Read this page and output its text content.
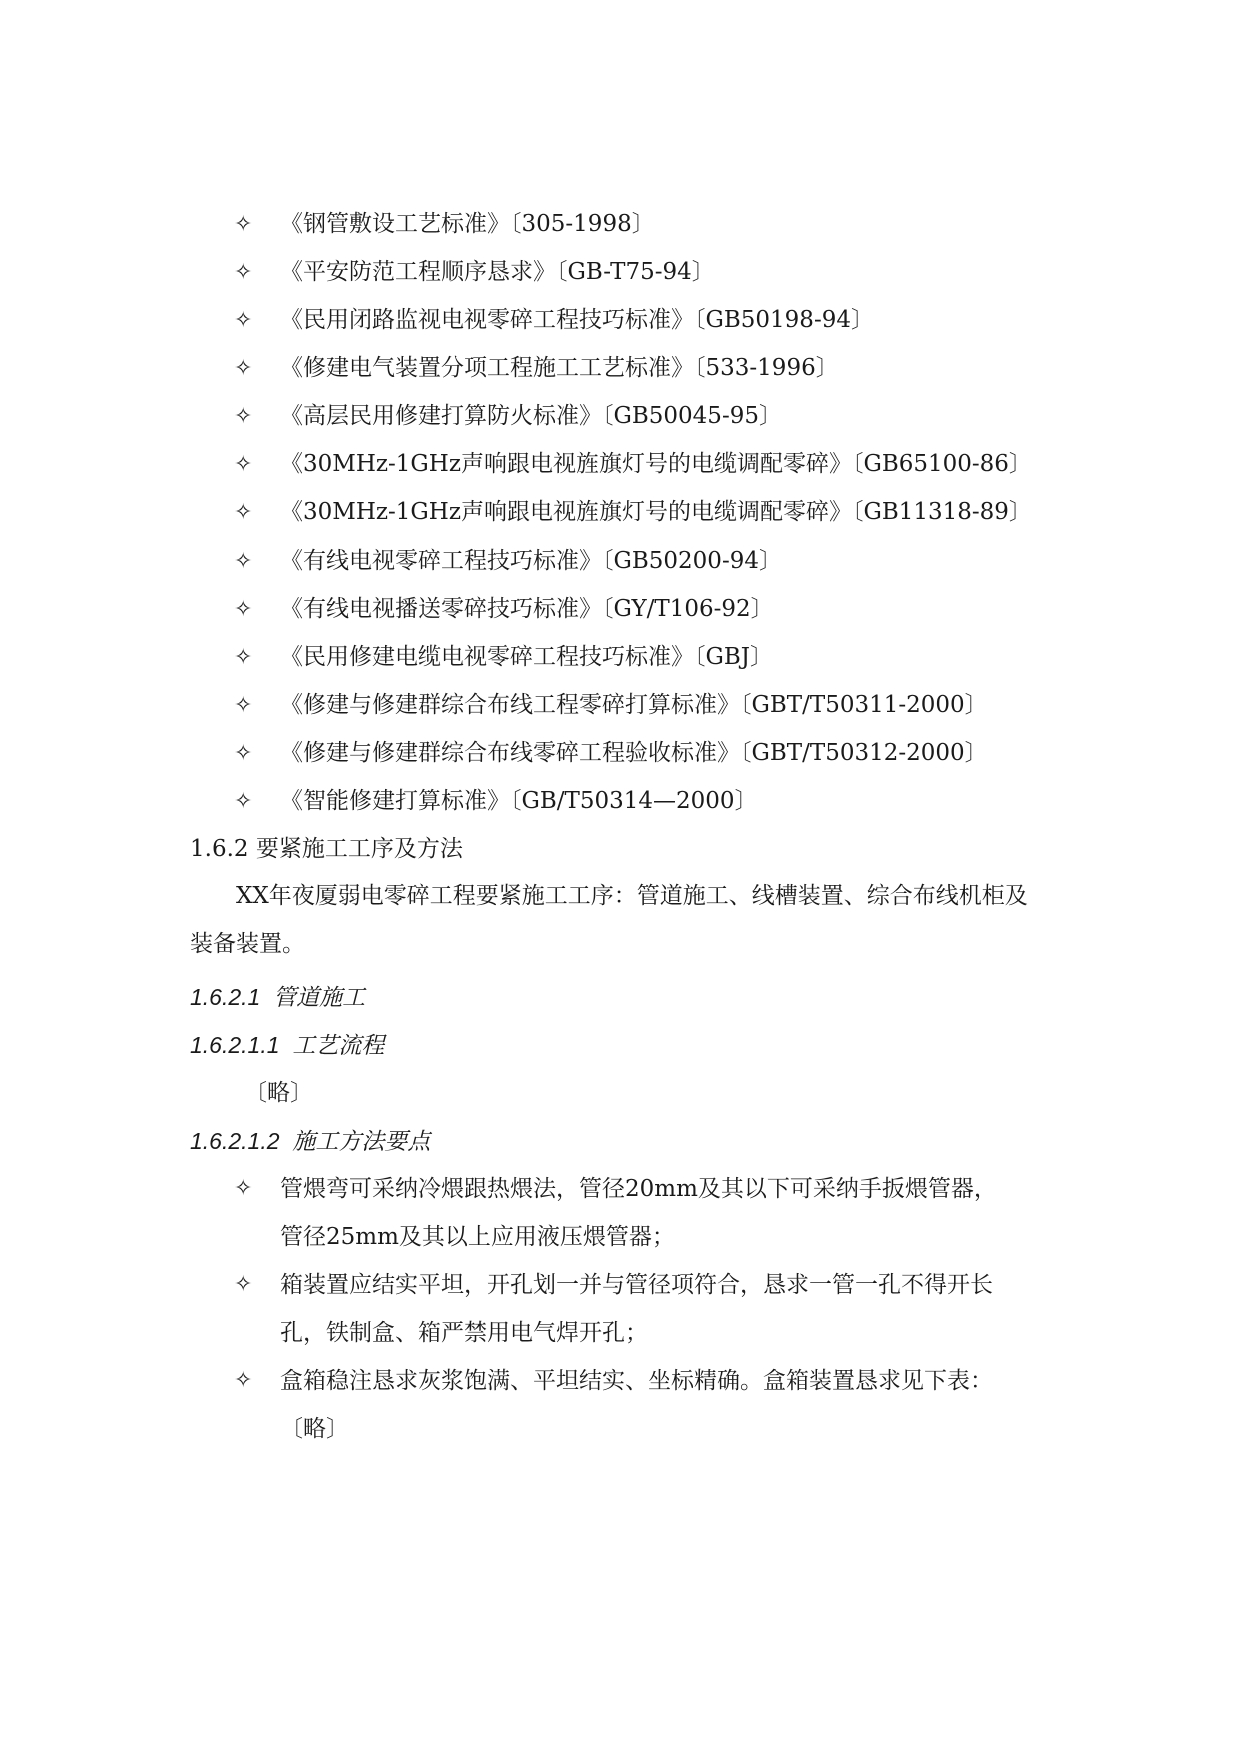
✧ 《钢管敷设工艺标准》〔305-1998〕
✧ 《平安防范工程顺序恳求》〔GB-T75-94〕
✧ 《民用闭路监视电视零碎工程技巧标准》〔GB50198-94〕
✧ 《修建电气装置分项工程施工工艺标准》〔533-1996〕
✧ 《高层民用修建打算防火标准》〔GB50045-95〕
✧ 《30MHz-1GHz声响跟电视旌旗灯号的电缆调配零碎》〔GB65100-86〕
✧ 《30MHz-1GHz声响跟电视旌旗灯号的电缆调配零碎》〔GB11318-89〕
✧ 《有线电视零碎工程技巧标准》〔GB50200-94〕
✧ 《有线电视播送零碎技巧标准》〔GY/T106-92〕
✧ 《民用修建电缆电视零碎工程技巧标准》〔GBJ〕
✧ 《修建与修建群综合布线工程零碎打算标准》〔GBT/T50311-2000〕
✧ 《修建与修建群综合布线零碎工程验收标准》〔GBT/T50312-2000〕
✧ 《智能修建打算标准》〔GB/T50314—2000〕
1.6.2 要紧施工工序及方法
XX年夜厦弱电零碎工程要紧施工工序：管道施工、线槽装置、综合布线机柜及装备装置。
1.6.2.1 管道施工
1.6.2.1.1 工艺流程
〔略〕
1.6.2.1.2 施工方法要点
✧	管煨弯可采纳冷煨跟热煨法，管径20mm及其以下可采纳手扳煨管器，
管径25mm及其以上应用液压煨管器；
✧	箱装置应结实平坦，开孔划一并与管径项符合，恳求一管一孔不得开长
孔，铁制盒、箱严禁用电气焊开孔；
✧	盒箱稳注恳求灰浆饱满、平坦结实、坐标精确。盒箱装置恳求见下表：
〔略〕
